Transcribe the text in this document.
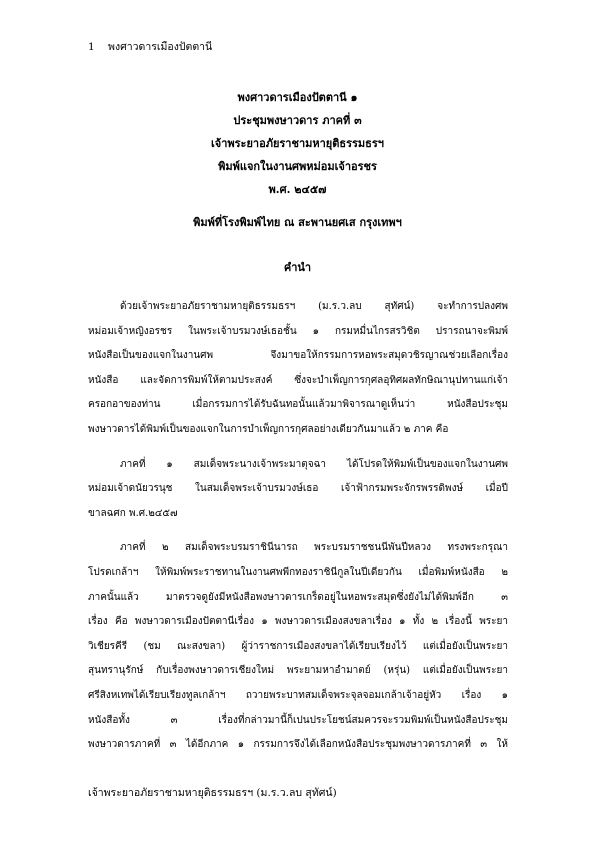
1 พงศาวดารเมืองปัตตานี
พงศาวดารเมืองปัตตานี ๑
ประชุมพงษาวดาร ภาคที่ ๓
เจ้าพระยาอภัยราชามหายุติธรรมธรฯ
พิมพ์แจกในงานศพหม่อมเจ้าอรชร
พ.ศ. ๒๔๕๗
พิมพ์ที่โรงพิมพ์ไทย ณ สะพานยศเส กรุงเทพฯ
คำนำ
ด้วยเจ้าพระยาอภัยราชามหายุติธรรมธรฯ (ม.ร.ว.ลบ สุทัศน์) จะทำการปลงศพ
หม่อมเจ้าหญิงอรชร ในพระเจ้าบรมวงษ์เธอชั้น ๑ กรมหมื่นไกรสรวิชิต ปรารถนาจะพิมพ์
หนังสือเป็นของแจกในงานศพ จึงมาขอให้กรรมการหอพระสมุดวชิรญาณช่วยเลือกเรื่อง
หนังสือ และจัดการพิมพ์ให้ตามประสงค์ ซึ่งจะบำเพ็ญการกุศลอุทิศผลทักษิณานุปทานแก่เจ้า
ครอกอาของท่าน เมื่อกรรมการได้รับฉันทอนั้นแล้วมาพิจารณาดูเห็นว่า หนังสือประชุม
พงษาวดารได้พิมพ์เป็นของแจกในการบำเพ็ญการกุศลอย่างเดียวกันมาแล้ว ๒ ภาค คือ
ภาคที่ ๑ สมเด็จพระนางเจ้าพระมาตุจฉา ได้โปรดให้พิมพ์เป็นของแจกในงานศพ
หม่อมเจ้าดนัยวรนุช ในสมเด็จพระเจ้าบรมวงษ์เธอ เจ้าฟ้ากรมพระจักรพรรดิพงษ์ เมื่อปี
ขาลฉศก พ.ศ.๒๔๕๗
ภาคที่ ๒ สมเด็จพระบรมราชินีนารถ พระบรมราชชนนีพันปีหลวง ทรงพระกรุณา
โปรดเกล้าฯ ให้พิมพ์พระราชทานในงานศพพีกทองราชินีกูลในปีเดียวกัน เมื่อพิมพ์หนังสือ ๒
ภาคนั้นแล้ว มาตรวจดูยังมีหนังสือพงษาวดารเกร็ดอยู่ในหอพระสมุดซึ่งยังไม่ได้พิมพ์อีก ๓
เรื่อง คือ พงษาวดารเมืองปัตตานีเรื่อง ๑ พงษาวดารเมืองสงขลาเรื่อง ๑ ทั้ง ๒ เรื่องนี้ พระยา
วิเชียรคีรี (ชม ณะสงขลา) ผู้ว่าราชการเมืองสงขลาได้เรียบเรียงไว้ แต่เมื่อยังเป็นพระยา
สุนทรานุรักษ์ กับเรื่องพงษาวดารเชียงใหม่ พระยามหาอำมาตย์ (หรุ่น) แต่เมื่อยังเป็นพระยา
ศรีสิงหเทพได้เรียบเรียงทูลเกล้าฯ ถวายพระบาทสมเด็จพระจุลจอมเกล้าเจ้าอยู่หัว เรื่อง ๑
หนังสือทั้ง ๓ เรื่องที่กล่าวมานี้ก็เปนประโยชน์สมควรจะรวมพิมพ์เป็นหนังสือประชุม
พงษาวดารภาคที่ ๓ ได้อีกภาค ๑ กรรมการจึงได้เลือกหนังสือประชุมพงษาวดารภาคที่ ๓ ให้
เจ้าพระยาอภัยราชามหายุติธรรมธรฯ (ม.ร.ว.ลบ สุทัศน์)
